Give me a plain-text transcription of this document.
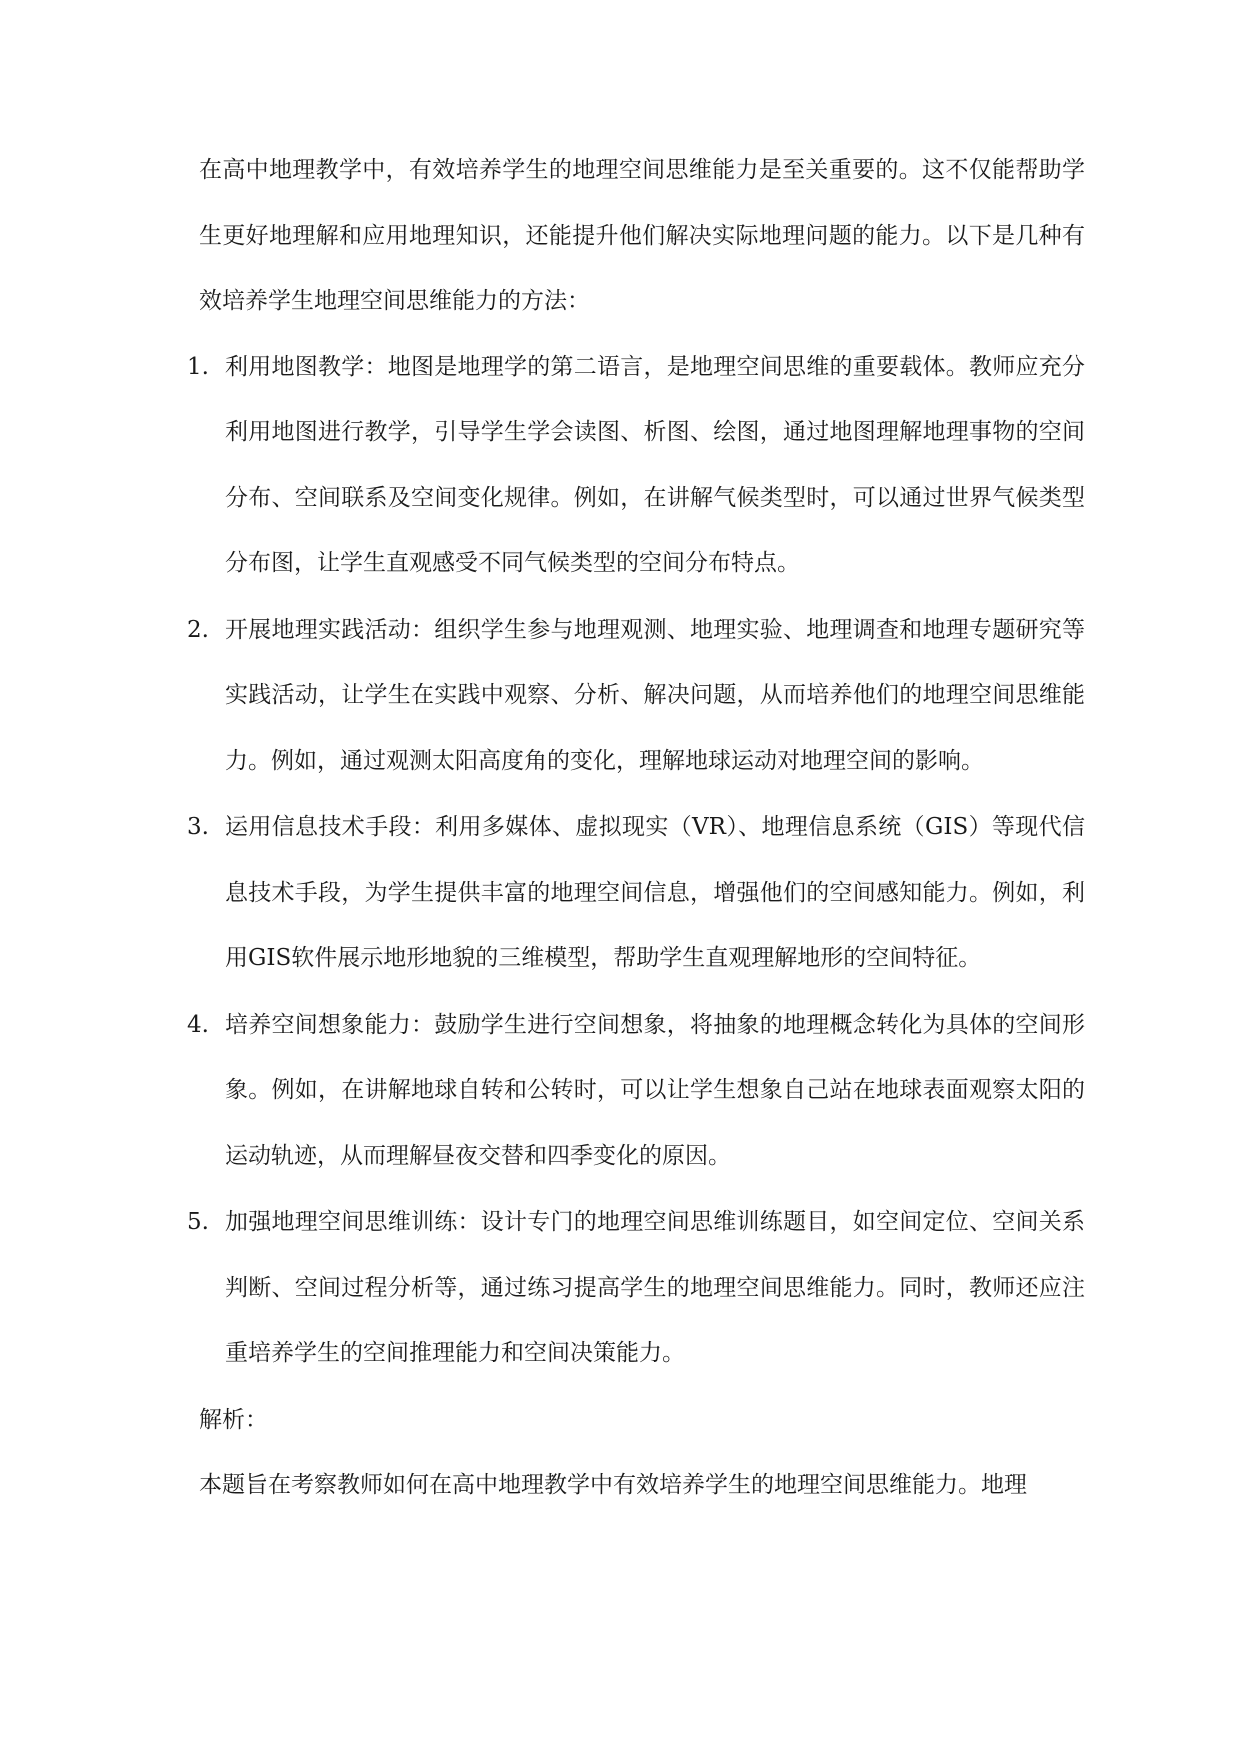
在高中地理教学中，有效培养学生的地理空间思维能力是至关重要的。这不仅能帮助学生更好地理解和应用地理知识，还能提升他们解决实际地理问题的能力。以下是几种有效培养学生地理空间思维能力的方法：

1. 利用地图教学：地图是地理学的第二语言，是地理空间思维的重要载体。教师应充分利用地图进行教学，引导学生学会读图、析图、绘图，通过地图理解地理事物的空间分布、空间联系及空间变化规律。例如，在讲解气候类型时，可以通过世界气候类型分布图，让学生直观感受不同气候类型的空间分布特点。
2. 开展地理实践活动：组织学生参与地理观测、地理实验、地理调查和地理专题研究等实践活动，让学生在实践中观察、分析、解决问题，从而培养他们的地理空间思维能力。例如，通过观测太阳高度角的变化，理解地球运动对地理空间的影响。
3. 运用信息技术手段：利用多媒体、虚拟现实（VR）、地理信息系统（GIS）等现代信息技术手段，为学生提供丰富的地理空间信息，增强他们的空间感知能力。例如，利用GIS软件展示地形地貌的三维模型，帮助学生直观理解地形的空间特征。
4. 培养空间想象能力：鼓励学生进行空间想象，将抽象的地理概念转化为具体的空间形象。例如，在讲解地球自转和公转时，可以让学生想象自己站在地球表面观察太阳的运动轨迹，从而理解昼夜交替和四季变化的原因。
5. 加强地理空间思维训练：设计专门的地理空间思维训练题目，如空间定位、空间关系判断、空间过程分析等，通过练习提高学生的地理空间思维能力。同时，教师还应注重培养学生的空间推理能力和空间决策能力。

解析：

本题旨在考察教师如何在高中地理教学中有效培养学生的地理空间思维能力。地理
